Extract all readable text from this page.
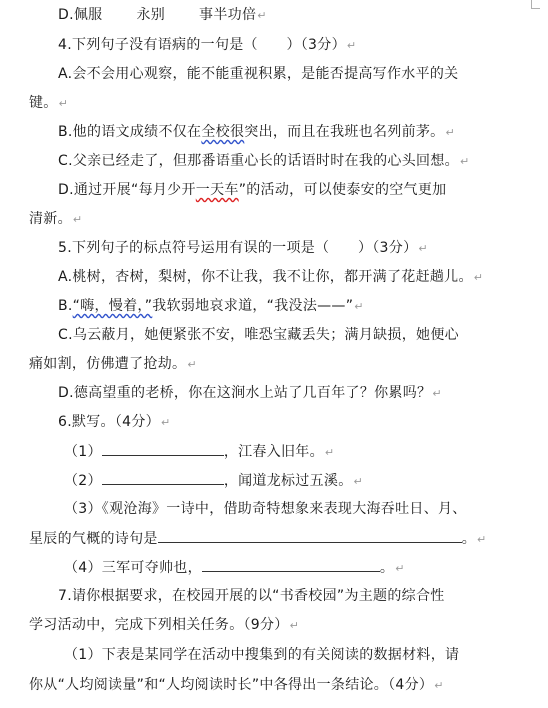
D.佩服 永别 事半功倍↵
4.下列句子没有语病的一句是（　　）（3分）↵
A.会不会用心观察，能不能重视积累，是能否提高写作水平的关
键。↵
B.他的语文成绩不仅在全校很突出，而且在我班也名列前茅。↵
C.父亲已经走了，但那番语重心长的话语时时在我的心头回想。↵
D.通过开展“每月少开一天车”的活动，可以使泰安的空气更加
清新。↵
5.下列句子的标点符号运用有误的一项是（　　）（3分）↵
A.桃树，杏树，梨树，你不让我，我不让你，都开满了花赶趟儿。↵
B.“嗨，慢着，”我软弱地哀求道，“我没法——”↵
C.乌云蔽月，她便紧张不安，唯恐宝藏丢失；满月缺损，她便心
痛如割，仿佛遭了抢劫。↵
D.德高望重的老桥，你在这涧水上站了几百年了？你累吗？↵
6.默写。（4分）↵
（1）	，江春入旧年。↵
（2）	，闻道龙标过五溪。↵
（3）《观沧海》一诗中，借助奇特想象来表现大海吞吐日、月、
星辰的气概的诗句是	。↵
（4）三军可夺帅也，	。↵
7.请你根据要求，在校园开展的以“书香校园”为主题的综合性
学习活动中，完成下列相关任务。（9分）↵
（1）下表是某同学在活动中搜集到的有关阅读的数据材料，请
你从“人均阅读量”和“人均阅读时长”中各得出一条结论。（4分）↵
